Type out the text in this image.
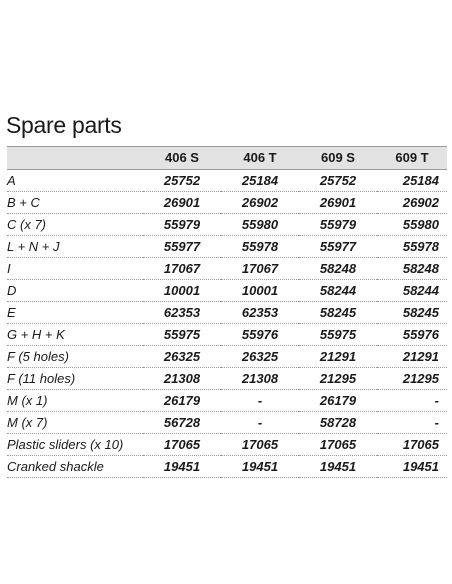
Spare parts
	406 S	406 T	609 S	609 T
A	25752	25184	25752	25184
B + C	26901	26902	26901	26902
C (x 7)	55979	55980	55979	55980
L + N + J	55977	55978	55977	55978
I	17067	17067	58248	58248
D	10001	10001	58244	58244
E	62353	62353	58245	58245
G + H + K	55975	55976	55975	55976
F (5 holes)	26325	26325	21291	21291
F (11 holes)	21308	21308	21295	21295
M (x 1)	26179	-	26179	-
M (x 7)	56728	-	58728	-
Plastic sliders (x 10)	17065	17065	17065	17065
Cranked shackle	19451	19451	19451	19451
